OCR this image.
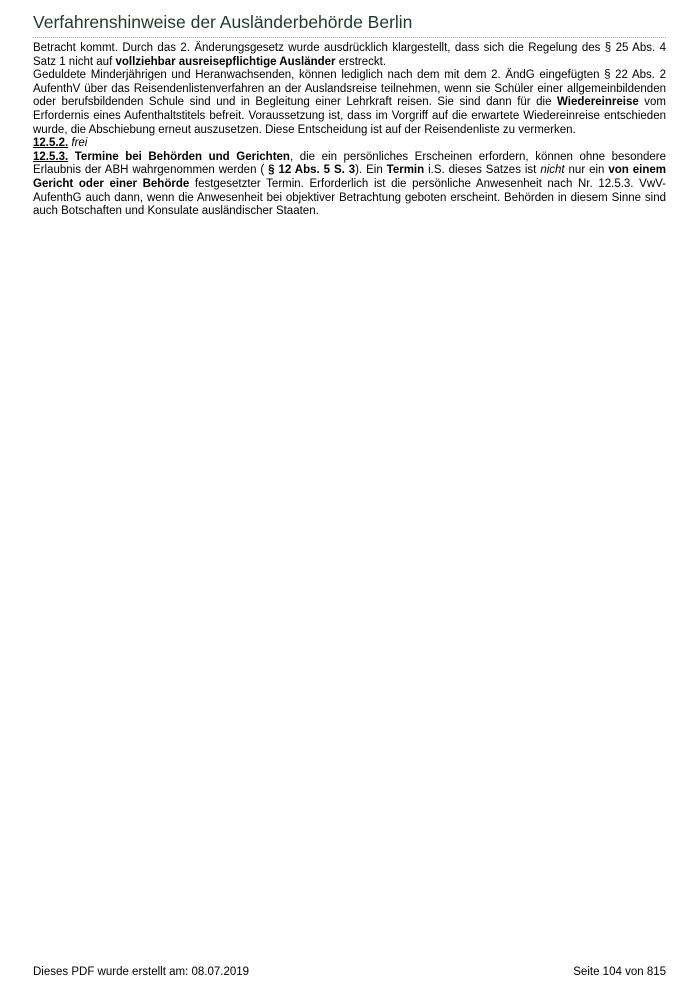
Verfahrenshinweise der Ausländerbehörde Berlin

Betracht kommt. Durch das 2. Änderungsgesetz wurde ausdrücklich klargestellt, dass sich die Regelung des § 25 Abs. 4 Satz 1 nicht auf vollziehbar ausreisepflichtige Ausländer erstreckt.

Geduldete Minderjährigen und Heranwachsenden, können lediglich nach dem mit dem 2. ÄndG eingefügten § 22 Abs. 2 AufenthV über das Reisendenlistenverfahren an der Auslandsreise teilnehmen, wenn sie Schüler einer allgemeinbildenden oder berufsbildenden Schule sind und in Begleitung einer Lehrkraft reisen. Sie sind dann für die Wiedereinreise vom Erfordernis eines Aufenthaltstitels befreit. Voraussetzung ist, dass im Vorgriff auf die erwartete Wiedereinreise entschieden wurde, die Abschiebung erneut auszusetzen. Diese Entscheidung ist auf der Reisendenliste zu vermerken.

12.5.2. frei

12.5.3. Termine bei Behörden und Gerichten, die ein persönliches Erscheinen erfordern, können ohne besondere Erlaubnis der ABH wahrgenommen werden ( § 12 Abs. 5 S. 3). Ein Termin i.S. dieses Satzes ist nicht nur ein von einem Gericht oder einer Behörde festgesetzter Termin. Erforderlich ist die persönliche Anwesenheit nach Nr. 12.5.3. VwV-AufenthG auch dann, wenn die Anwesenheit bei objektiver Betrachtung geboten erscheint. Behörden in diesem Sinne sind auch Botschaften und Konsulate ausländischer Staaten.

Dieses PDF wurde erstellt am: 08.07.2019	Seite 104 von 815
